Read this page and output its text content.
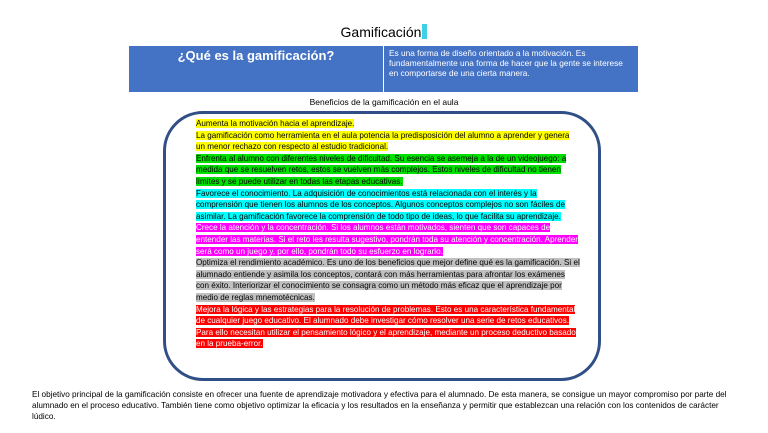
Gamificación
¿Qué es la gamificación?	Es una forma de diseño orientado a la motivación. Es fundamentalmente una forma de hacer que la gente se interese en comportarse de una cierta manera.
Beneficios de la gamificación en el aula
Aumenta la motivación hacia el aprendizaje.
La gamificación como herramienta en el aula potencia la predisposición del alumno a aprender y genera un menor rechazo con respecto al estudio tradicional.
Enfrenta al alumno con diferentes niveles de dificultad. Su esencia se asemeja a la de un videojuego: a medida que se resuelven retos, estos se vuelven más complejos. Estos niveles de dificultad no tienen límites y se puede utilizar en todas las etapas educativas.
Favorece el conocimiento. La adquisición de conocimientos está relacionada con el interés y la comprensión que tienen los alumnos de los conceptos. Algunos conceptos complejos no son fáciles de asimilar. La gamificación favorece la comprensión de todo tipo de ideas, lo que facilita su aprendizaje.
Crece la atención y la concentración. Si los alumnos están motivados, sienten que son capaces de entender las materias. Si el reto les resulta sugestivo, pondrán toda su atención y concentración. Aprender será como un juego y, por ello, pondrán todo su esfuerzo en lograrlo.
Optimiza el rendimiento académico. Es uno de los beneficios que mejor define qué es la gamificación. Si el alumnado entiende y asimila los conceptos, contará con más herramientas para afrontar los exámenes con éxito. Interiorizar el conocimiento se consagra como un método más eficaz que el aprendizaje por medio de reglas mnemotécnicas.
Mejora la lógica y las estrategias para la resolución de problemas. Esto es una característica fundamental de cualquier juego educativo. El alumnado debe investigar cómo resolver una serie de retos educativos. Para ello necesitan utilizar el pensamiento lógico y el aprendizaje, mediante un proceso deductivo basado en la prueba-error.
El objetivo principal de la gamificación consiste en ofrecer una fuente de aprendizaje motivadora y efectiva para el alumnado. De esta manera, se consigue un mayor compromiso por parte del alumnado en el proceso educativo. También tiene como objetivo optimizar la eficacia y los resultados en la enseñanza y permitir que establezcan una relación con los contenidos de carácter lúdico.
